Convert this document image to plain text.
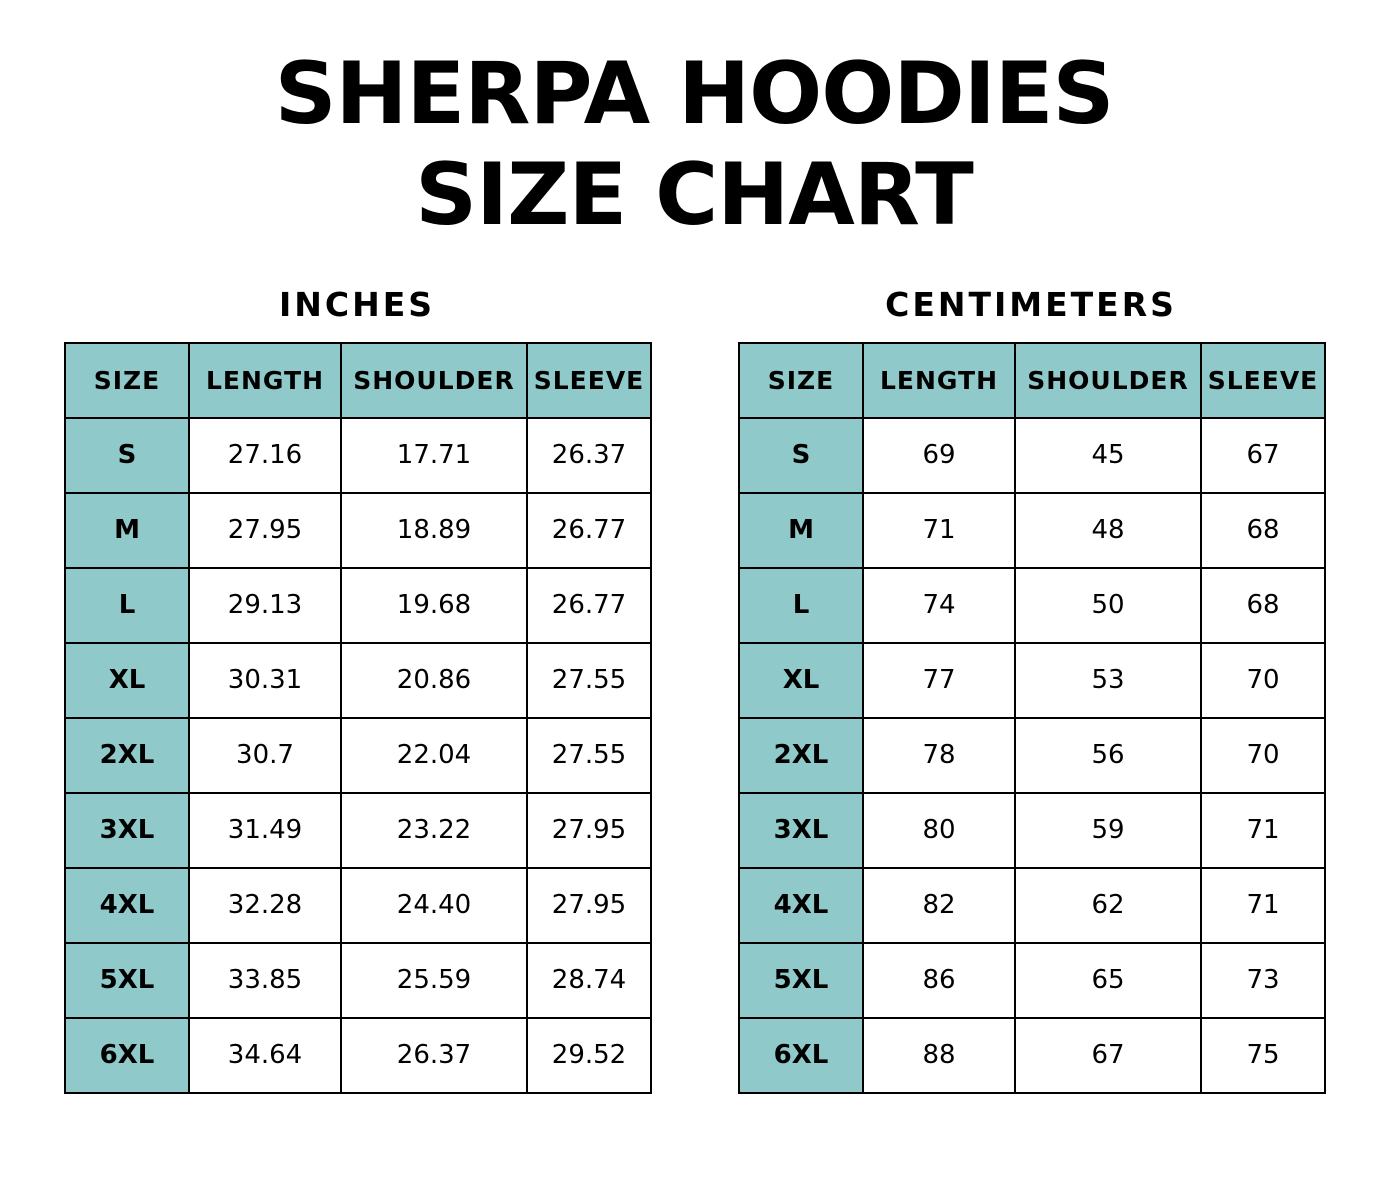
SHERPA HOODIES
SIZE CHART
INCHES
SIZE	LENGTH	SHOULDER	SLEEVE
S	27.16	17.71	26.37
M	27.95	18.89	26.77
L	29.13	19.68	26.77
XL	30.31	20.86	27.55
2XL	30.7	22.04	27.55
3XL	31.49	23.22	27.95
4XL	32.28	24.40	27.95
5XL	33.85	25.59	28.74
6XL	34.64	26.37	29.52
CENTIMETERS
SIZE	LENGTH	SHOULDER	SLEEVE
S	69	45	67
M	71	48	68
L	74	50	68
XL	77	53	70
2XL	78	56	70
3XL	80	59	71
4XL	82	62	71
5XL	86	65	73
6XL	88	67	75
